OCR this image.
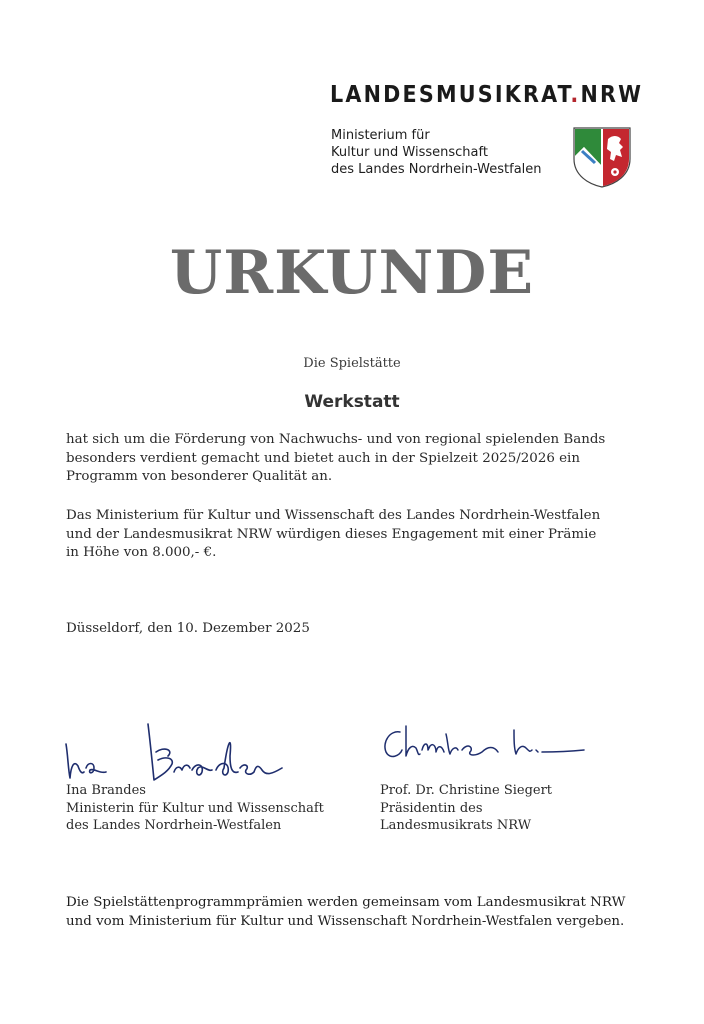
LANDESMUSIKRAT.NRW
Ministerium für
Kultur und Wissenschaft
des Landes Nordrhein-Westfalen
URKUNDE
Die Spielstätte
Werkstatt
hat sich um die Förderung von Nachwuchs- und von regional spielenden Bands
besonders verdient gemacht und bietet auch in der Spielzeit 2025/2026 ein
Programm von besonderer Qualität an.
Das Ministerium für Kultur und Wissenschaft des Landes Nordrhein-Westfalen
und der Landesmusikrat NRW würdigen dieses Engagement mit einer Prämie
in Höhe von 8.000,- €.
Düsseldorf, den 10. Dezember 2025
Ina Brandes
Ministerin für Kultur und Wissenschaft
des Landes Nordrhein-Westfalen
Prof. Dr. Christine Siegert
Präsidentin des
Landesmusikrats NRW
Die Spielstättenprogrammprämien werden gemeinsam vom Landesmusikrat NRW
und vom Ministerium für Kultur und Wissenschaft Nordrhein-Westfalen vergeben.
